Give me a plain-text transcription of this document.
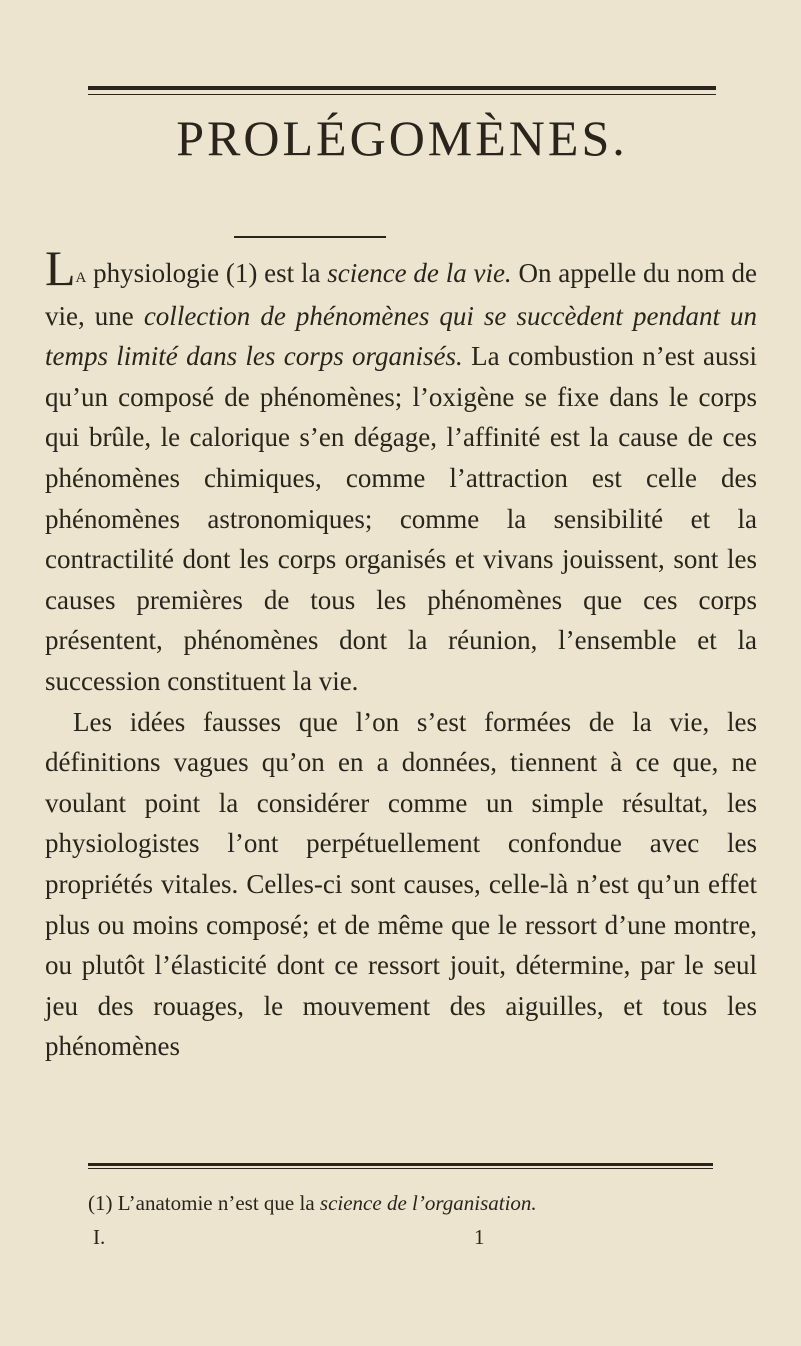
PROLÉGOMÈNES.

La physiologie (1) est la science de la vie. On appelle du nom de vie, une collection de phénomènes qui se succèdent pendant un temps limité dans les corps organisés. La combustion n’est aussi qu’un composé de phénomènes; l’oxigène se fixe dans le corps qui brûle, le calorique s’en dégage, l’affinité est la cause de ces phénomènes chimiques, comme l’attraction est celle des phénomènes astronomiques; comme la sensibilité et la contractilité dont les corps organisés et vivans jouissent, sont les causes premières de tous les phénomènes que ces corps présentent, phénomènes dont la réunion, l’ensemble et la succession constituent la vie.

Les idées fausses que l’on s’est formées de la vie, les définitions vagues qu’on en a données, tiennent à ce que, ne voulant point la considérer comme un simple résultat, les physiologistes l’ont perpétuellement confondue avec les propriétés vitales. Celles-ci sont causes, celle-là n’est qu’un effet plus ou moins composé; et de même que le ressort d’une montre, ou plutôt l’élasticité dont ce ressort jouit, détermine, par le seul jeu des rouages, le mouvement des aiguilles, et tous les phénomènes

(1) L’anatomie n’est que la science de l’organisation.

I.	1
